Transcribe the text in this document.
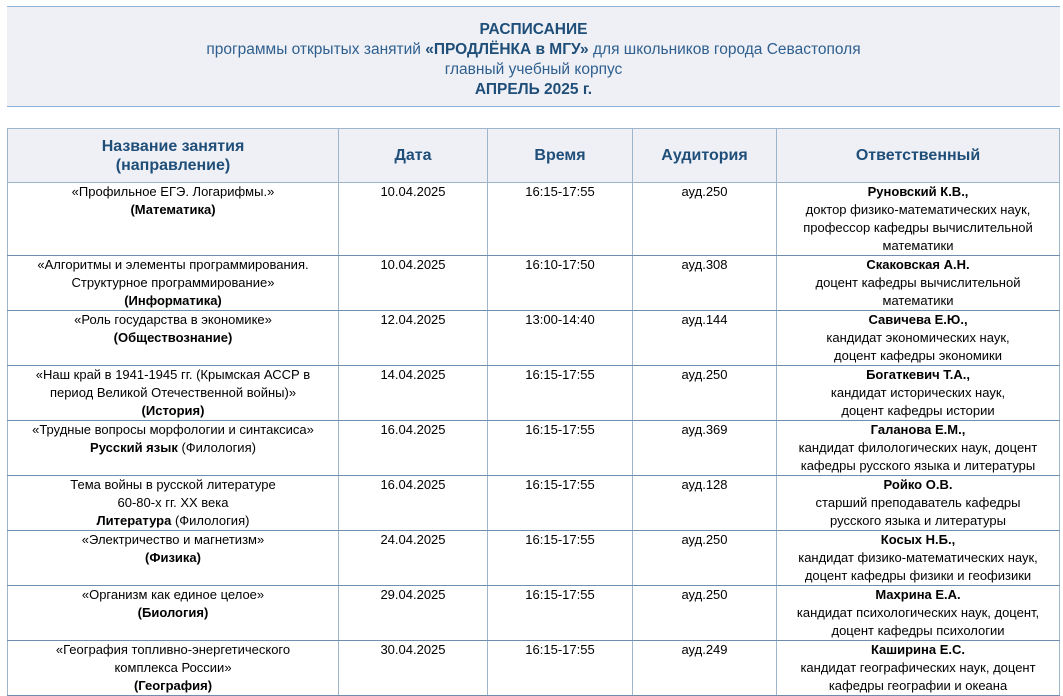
РАСПИСАНИЕ
программы открытых занятий «ПРОДЛЁНКА в МГУ» для школьников города Севастополя
главный учебный корпус
АПРЕЛЬ 2025 г.
Название занятия
(направление)	Дата	Время	Аудитория	Ответственный

«Профильное ЕГЭ. Логарифмы.»
(Математика)	10.04.2025	16:15-17:55	ауд.250	Руновский К.В.,
доктор физико-математических наук,
профессор кафедры вычислительной
математики

«Алгоритмы и элементы программирования.
Структурное программирование»
(Информатика)	10.04.2025	16:10-17:50	ауд.308	Скаковская А.Н.
доцент кафедры вычислительной
математики

«Роль государства в экономике»
(Обществознание)	12.04.2025	13:00-14:40	ауд.144	Савичева Е.Ю.,
кандидат экономических наук,
доцент кафедры экономики

«Наш край в 1941-1945 гг. (Крымская АССР в
период Великой Отечественной войны)»
(История)	14.04.2025	16:15-17:55	ауд.250	Богаткевич Т.А.,
кандидат исторических наук,
доцент кафедры истории

«Трудные вопросы морфологии и синтаксиса»
Русский язык (Филология)	16.04.2025	16:15-17:55	ауд.369	Галанова Е.М.,
кандидат филологических наук, доцент
кафедры русского языка и литературы

Тема войны в русской литературе
60-80-х гг. ХХ века
Литература (Филология)	16.04.2025	16:15-17:55	ауд.128	Ройко О.В.
старший преподаватель кафедры
русского языка и литературы

«Электричество и магнетизм»
(Физика)	24.04.2025	16:15-17:55	ауд.250	Косых Н.Б.,
кандидат физико-математических наук,
доцент кафедры физики и геофизики

«Организм как единое целое»
(Биология)	29.04.2025	16:15-17:55	ауд.250	Махрина Е.А.
кандидат психологических наук, доцент,
доцент кафедры психологии

«География топливно-энергетического
комплекса России»
(География)	30.04.2025	16:15-17:55	ауд.249	Каширина Е.С.
кандидат географических наук, доцент
кафедры географии и океана
